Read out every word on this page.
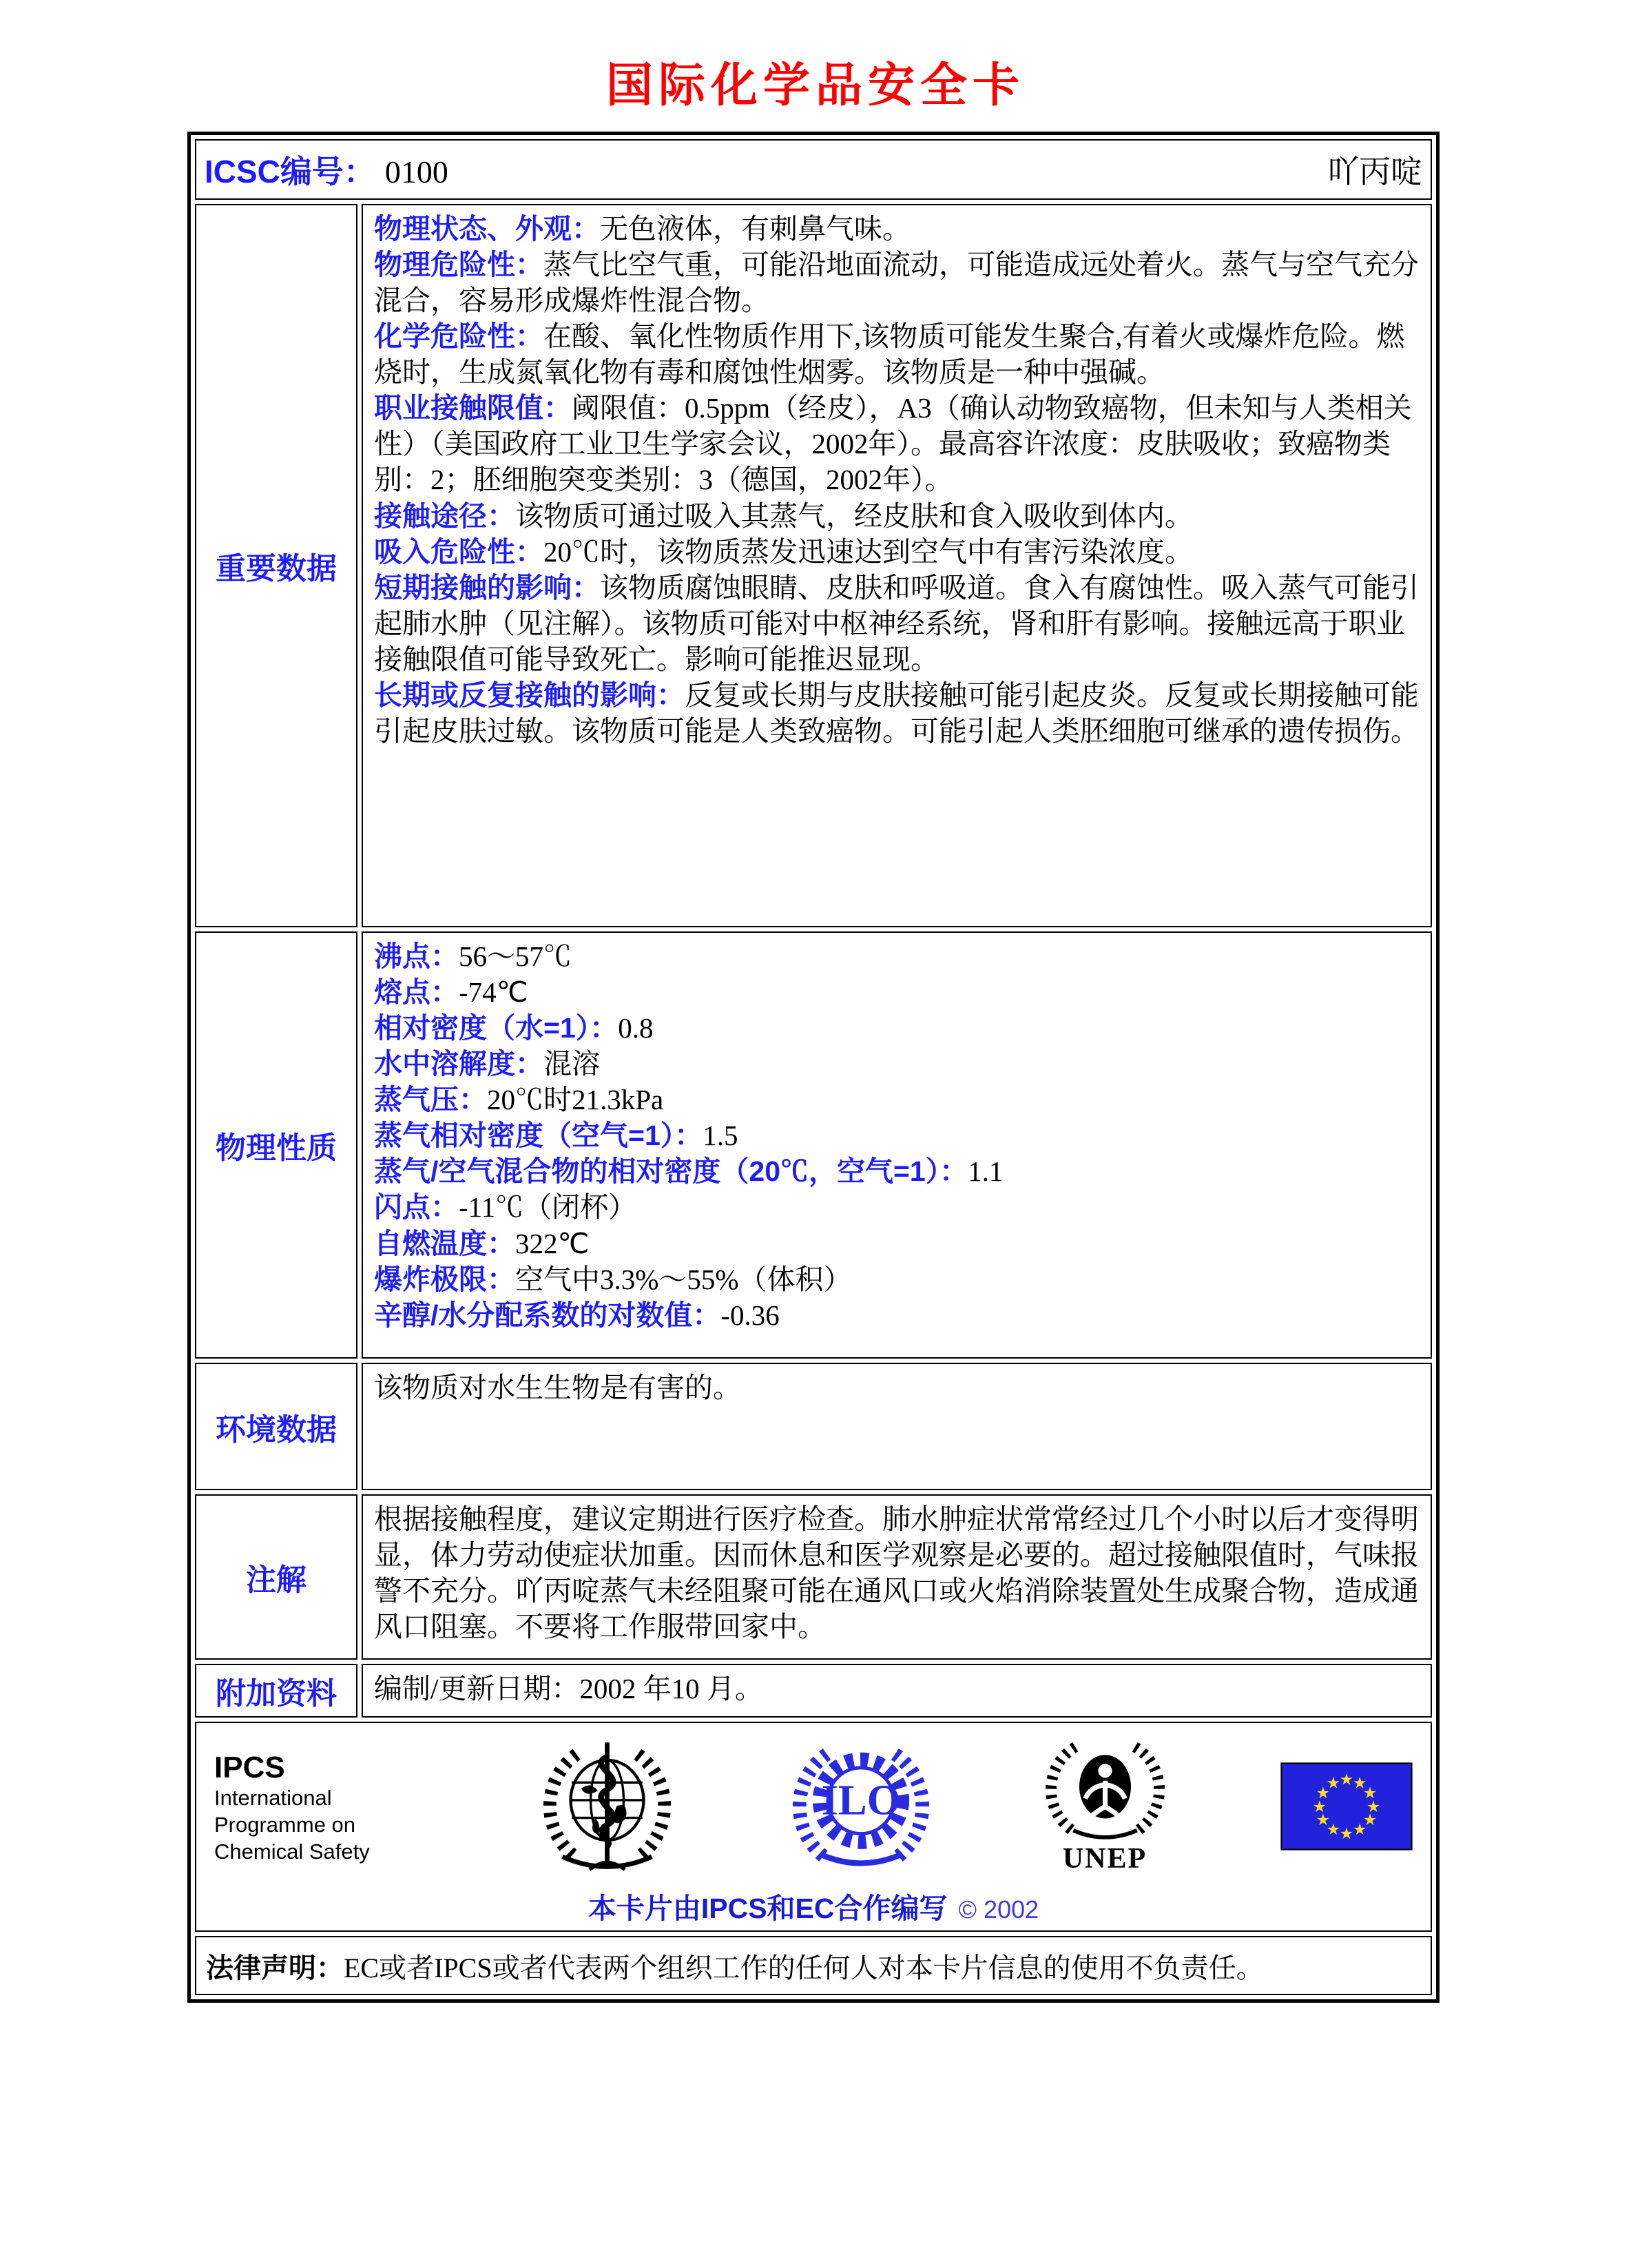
国际化学品安全卡
ICSC编号： 0100 吖丙啶	

重要数据	
物理状态、外观：无色液体，有刺鼻气味。
物理危险性：蒸气比空气重，可能沿地面流动，可能造成远处着火。蒸气与空气充分混合，容易形成爆炸性混合物。
化学危险性：在酸、氧化性物质作用下,该物质可能发生聚合,有着火或爆炸危险。燃烧时，生成氮氧化物有毒和腐蚀性烟雾。该物质是一种中强碱。
职业接触限值：阈限值：0.5ppm（经皮），A3（确认动物致癌物，但未知与人类相关性）（美国政府工业卫生学家会议，2002年）。最高容许浓度：皮肤吸收；致癌物类别：2；胚细胞突变类别：3（德国，2002年）。
接触途径：该物质可通过吸入其蒸气，经皮肤和食入吸收到体内。
吸入危险性：20℃时，该物质蒸发迅速达到空气中有害污染浓度。
短期接触的影响：该物质腐蚀眼睛、皮肤和呼吸道。食入有腐蚀性。吸入蒸气可能引起肺水肿（见注解）。该物质可能对中枢神经系统，肾和肝有影响。接触远高于职业接触限值可能导致死亡。影响可能推迟显现。
长期或反复接触的影响：反复或长期与皮肤接触可能引起皮炎。反复或长期接触可能引起皮肤过敏。该物质可能是人类致癌物。可能引起人类胚细胞可继承的遗传损伤。

物理性质	
沸点：56～57℃
熔点：-74℃
相对密度（水=1）：0.8
水中溶解度：混溶
蒸气压：20℃时21.3kPa
蒸气相对密度（空气=1）：1.5
蒸气/空气混合物的相对密度（20℃，空气=1）：1.1
闪点：-11℃（闭杯）
自燃温度：322℃
爆炸极限：空气中3.3%～55%（体积）
辛醇/水分配系数的对数值：-0.36

环境数据	该物质对水生生物是有害的。

注解	根据接触程度，建议定期进行医疗检查。肺水肿症状常常经过几个小时以后才变得明显，体力劳动使症状加重。因而休息和医学观察是必要的。超过接触限值时，气味报警不充分。吖丙啶蒸气未经阻聚可能在通风口或火焰消除装置处生成聚合物，造成通风口阻塞。不要将工作服带回家中。

附加资料	编制/更新日期：2002 年10 月。

IPCS
International
Programme on
Chemical Safety
ILO
UNEP
★
★
★
★
★
★
★
★
★
★
★
★
本卡片由IPCS和EC合作编写 © 2002

法律声明：EC或者IPCS或者代表两个组织工作的任何人对本卡片信息的使用不负责任。	
